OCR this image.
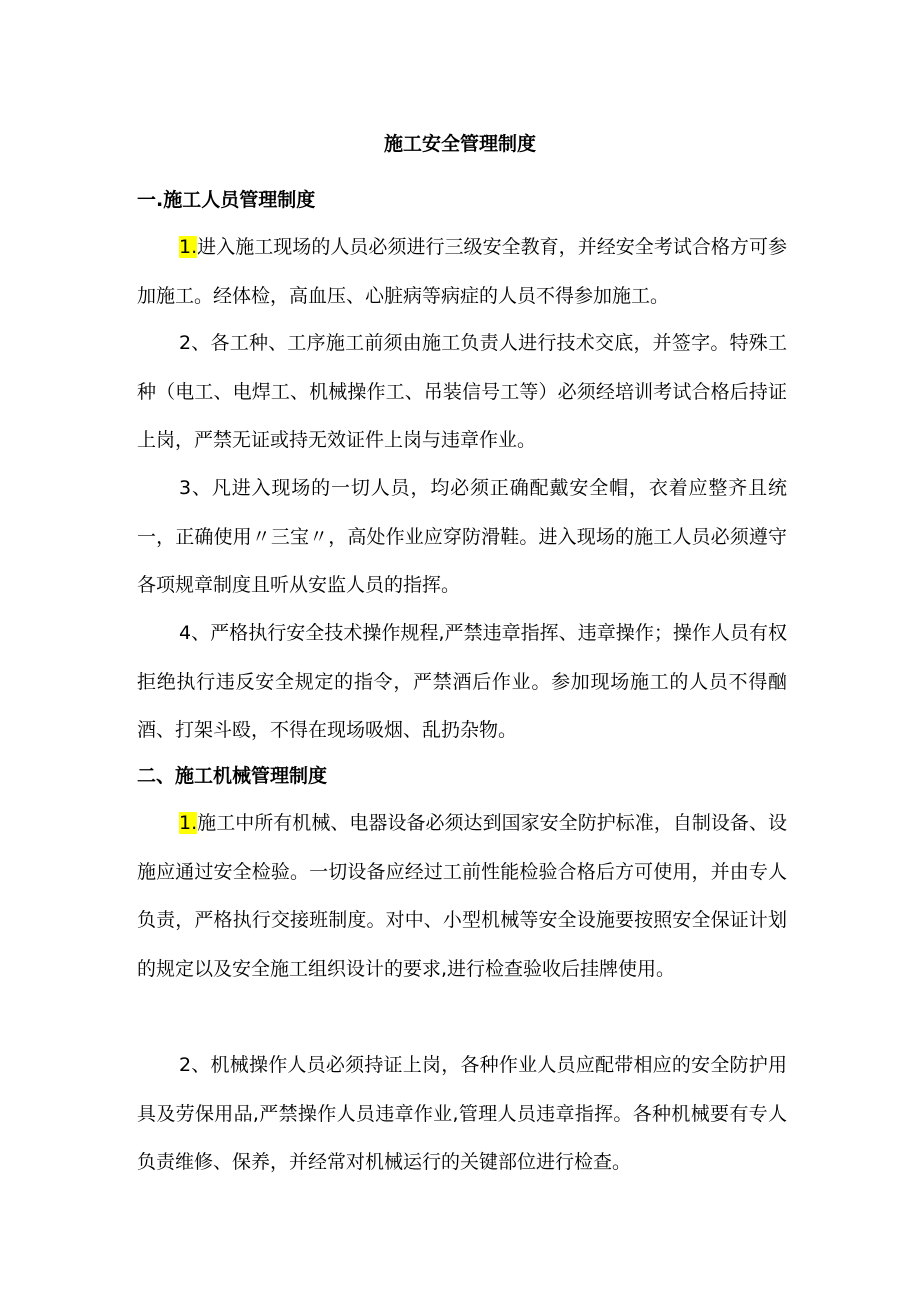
施工安全管理制度
一.施工人员管理制度

1.进入施工现场的人员必须进行三级安全教育，并经安全考试合格方可参加施工。经体检，高血压、心脏病等病症的人员不得参加施工。

2、各工种、工序施工前须由施工负责人进行技术交底，并签字。特殊工种（电工、电焊工、机械操作工、吊装信号工等）必须经培训考试合格后持证上岗，严禁无证或持无效证件上岗与违章作业。

3、凡进入现场的一切人员，均必须正确配戴安全帽，衣着应整齐且统一，正确使用〃三宝〃，高处作业应穿防滑鞋。进入现场的施工人员必须遵守各项规章制度且听从安监人员的指挥。

4、严格执行安全技术操作规程,严禁违章指挥、违章操作；操作人员有权拒绝执行违反安全规定的指令，严禁酒后作业。参加现场施工的人员不得酗酒、打架斗殴，不得在现场吸烟、乱扔杂物。

二、施工机械管理制度

1.施工中所有机械、电器设备必须达到国家安全防护标准，自制设备、设施应通过安全检验。一切设备应经过工前性能检验合格后方可使用，并由专人负责，严格执行交接班制度。对中、小型机械等安全设施要按照安全保证计划的规定以及安全施工组织设计的要求,进行检查验收后挂牌使用。

2、机械操作人员必须持证上岗，各种作业人员应配带相应的安全防护用具及劳保用品,严禁操作人员违章作业,管理人员违章指挥。各种机械要有专人负责维修、保养，并经常对机械运行的关键部位进行检查。
